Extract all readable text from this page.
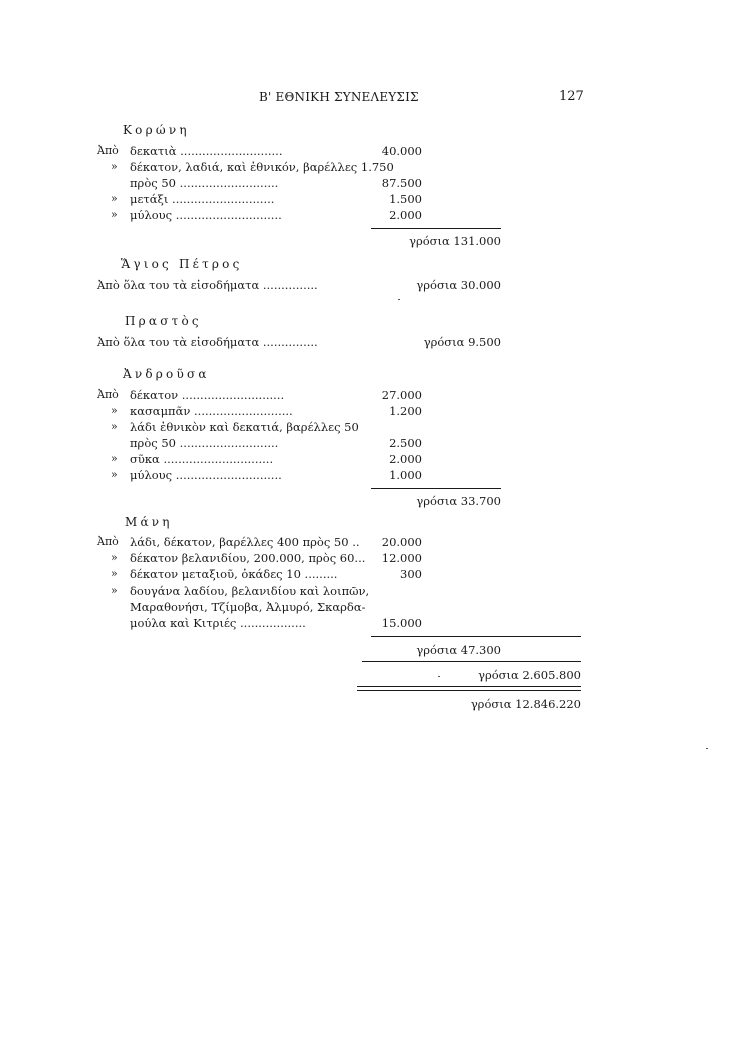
Β' ΕΘΝΙΚΗ ΣΥΝΕΛΕΥΣΙΣ	127
Κορώνη
Ἀπὸ δεκατιὰ ............................	40.000
» δέκατον, λαδιά, καὶ ἐθνικόν, βαρέλλες 1.750
πρὸς 50 ...........................	87.500
» μετάξι ............................	1.500
» μύλους .............................	2.000
γρόσια 131.000
Ἅγιος Πέτρος
Ἀπὸ ὅλα του τὰ εἰσοδήματα ...............	γρόσια 30.000
Πραστὸς
Ἀπὸ ὅλα του τὰ εἰσοδήματα ...............	γρόσια 9.500
Ἀνδροῦσα
Ἀπὸ δέκατον ............................	27.000
» κασαμπᾶν ...........................	1.200
» λάδι ἐθνικὸν καὶ δεκατιά, βαρέλλες 50
πρὸς 50 ...........................	2.500
» σῦκα ..............................	2.000
» μύλους .............................	1.000
γρόσια 33.700
Μάνη
Ἀπὸ λάδι, δέκατον, βαρέλλες 400 πρὸς 50 .. 20.000
» δέκατον βελανιδίου, 200.000, πρὸς 60... 12.000
» δέκατον μεταξιοῦ, ὀκάδες 10 .........	300
» δουγάνα λαδίου, βελανιδίου καὶ λοιπῶν,
Μαραθονήσι, Τζίμοβα, Ἀλμυρό, Σκαρδα-
μούλα καὶ Κιτριές ..................	15.000
γρόσια 47.300
γρόσια 2.605.800
γρόσια 12.846.220
